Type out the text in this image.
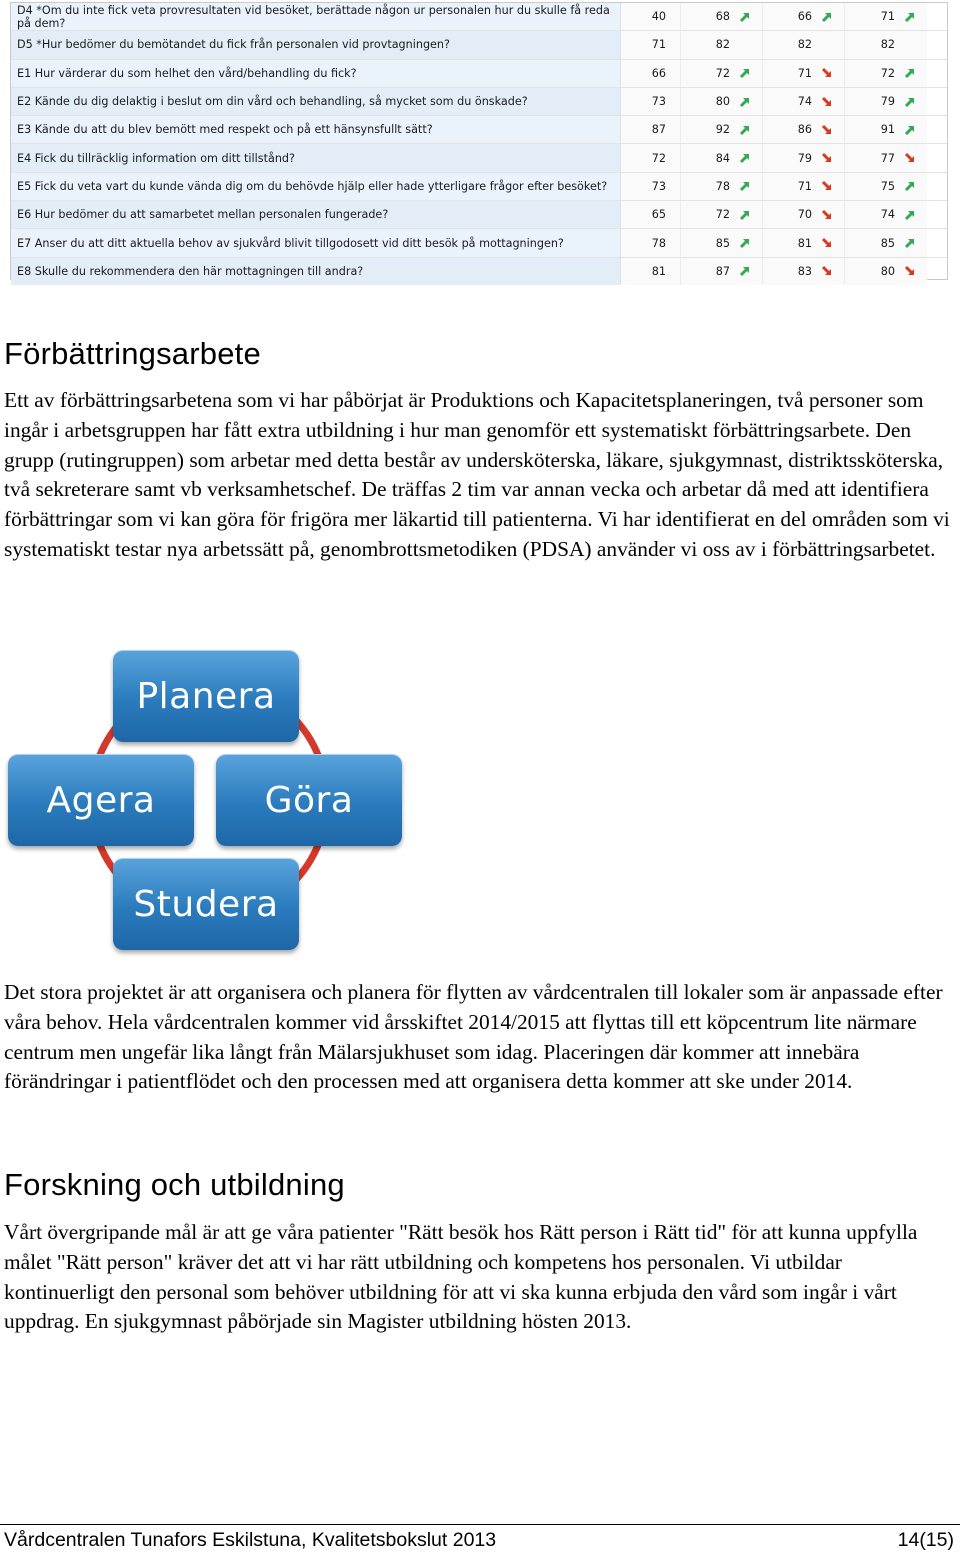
D4 *Om du inte fick veta provresultaten vid besöket, berättade någon ur personalen hur du skulle få reda på dem?	40	68	66	71
D5 *Hur bedömer du bemötandet du fick från personalen vid provtagningen?	71	82	82	82
E1 Hur värderar du som helhet den vård/behandling du fick?	66	72	71	72
E2 Kände du dig delaktig i beslut om din vård och behandling, så mycket som du önskade?	73	80	74	79
E3 Kände du att du blev bemött med respekt och på ett hänsynsfullt sätt?	87	92	86	91
E4 Fick du tillräcklig information om ditt tillstånd?	72	84	79	77
E5 Fick du veta vart du kunde vända dig om du behövde hjälp eller hade ytterligare frågor efter besöket?	73	78	71	75
E6 Hur bedömer du att samarbetet mellan personalen fungerade?	65	72	70	74
E7 Anser du att ditt aktuella behov av sjukvård blivit tillgodosett vid ditt besök på mottagningen?	78	85	81	85
E8 Skulle du rekommendera den här mottagningen till andra?	81	87	83	80
Förbättringsarbete

Ett av förbättringsarbetena som vi har påbörjat är Produktions och Kapacitetsplaneringen, två personer som ingår i arbetsgruppen har fått extra utbildning i hur man genomför ett systematiskt förbättringsarbete. Den grupp (rutingruppen) som arbetar med detta består av undersköterska, läkare, sjukgymnast, distriktssköterska, två sekreterare samt vb verksamhetschef. De träffas 2 tim var annan vecka och arbetar då med att identifiera förbättringar som vi kan göra för frigöra mer läkartid till patienterna. Vi har identifierat en del områden som vi systematiskt testar nya arbetssätt på, genombrottsmetodiken (PDSA) använder vi oss av i förbättringsarbetet.

Planera
Agera	Göra
Studera

Det stora projektet är att organisera och planera för flytten av vårdcentralen till lokaler som är anpassade efter våra behov. Hela vårdcentralen kommer vid årsskiftet 2014/2015 att flyttas till ett köpcentrum lite närmare centrum men ungefär lika långt från Mälarsjukhuset som idag. Placeringen där kommer att innebära förändringar i patientflödet och den processen med att organisera detta kommer att ske under 2014.

Forskning och utbildning

Vårt övergripande mål är att ge våra patienter "Rätt besök hos Rätt person i Rätt tid" för att kunna uppfylla målet "Rätt person" kräver det att vi har rätt utbildning och kompetens hos personalen. Vi utbildar kontinuerligt den personal som behöver utbildning för att vi ska kunna erbjuda den vård som ingår i vårt uppdrag. En sjukgymnast påbörjade sin Magister utbildning hösten 2013.

Vårdcentralen Tunafors Eskilstuna, Kvalitetsbokslut 2013	14(15)
